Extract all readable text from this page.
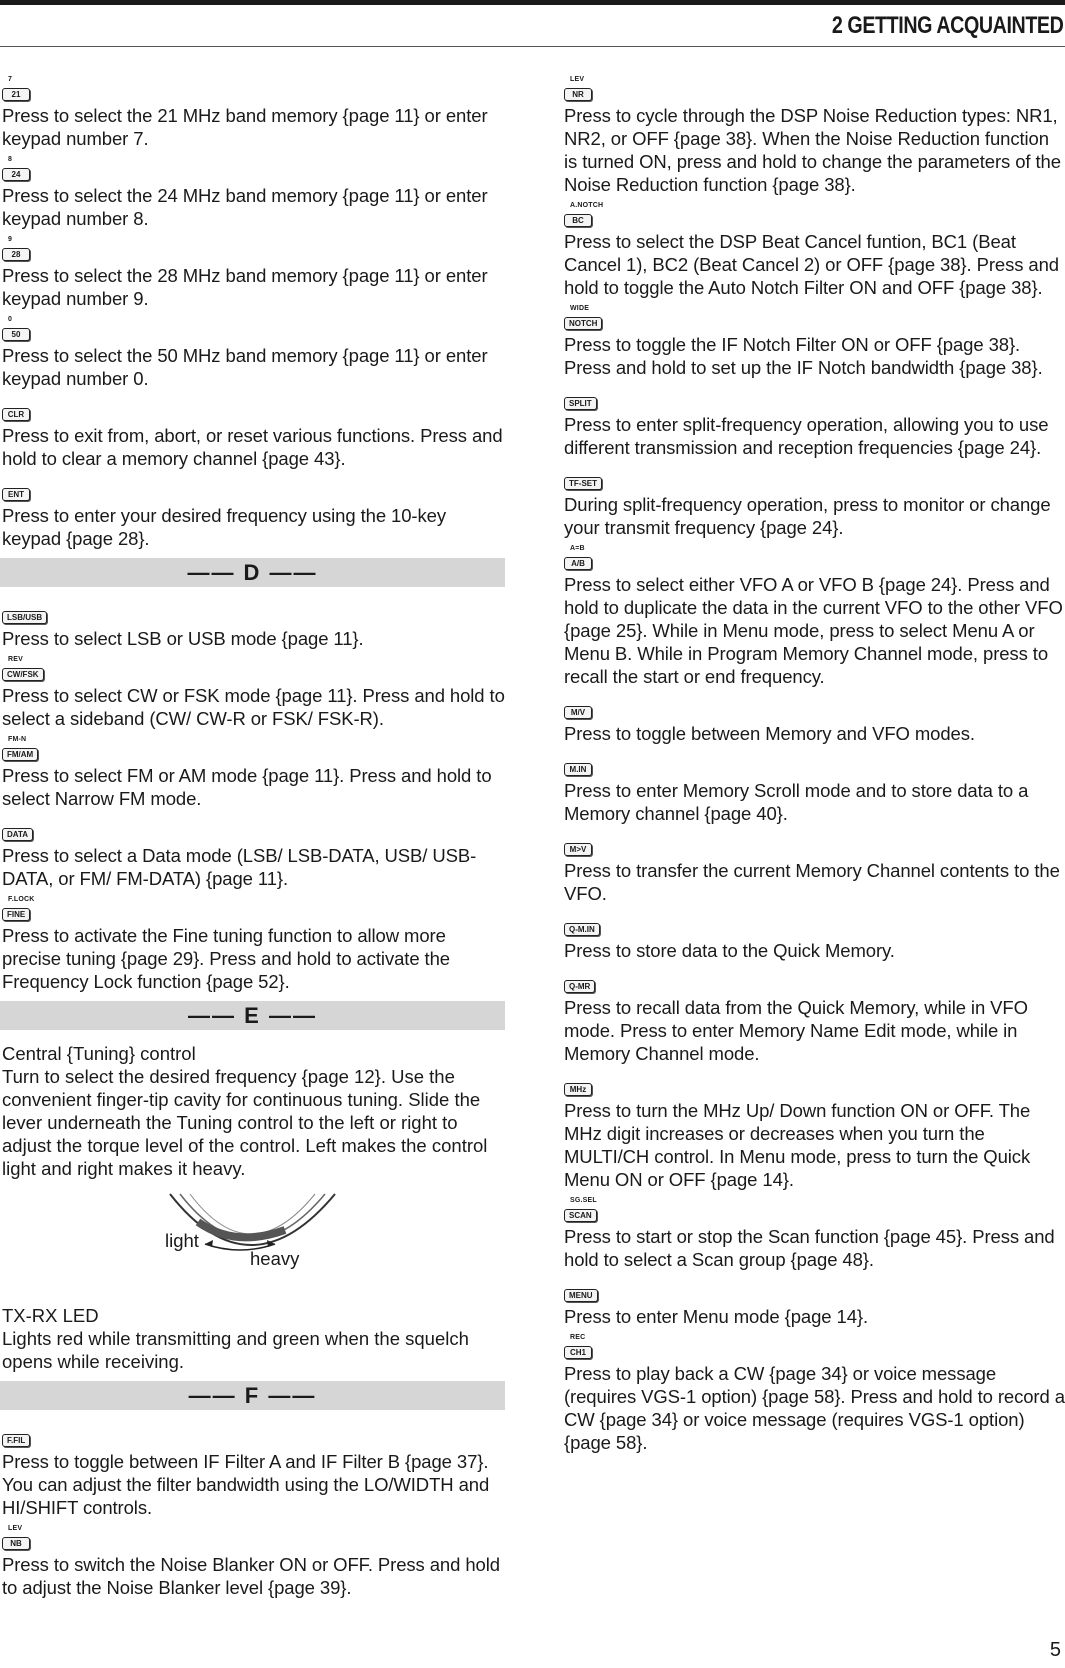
2 GETTING ACQUAINTED
7
21
Press to select the 21 MHz band memory {page 11} or enter keypad number 7.
8
24
Press to select the 24 MHz band memory {page 11} or enter keypad number 8.
9
28
Press to select the 28 MHz band memory {page 11} or enter keypad number 9.
0
50
Press to select the 50 MHz band memory {page 11} or enter keypad number 0.
CLR
Press to exit from, abort, or reset various functions. Press and hold to clear a memory channel {page 43}.
ENT
Press to enter your desired frequency using the 10-key keypad {page 28}.
—— D ——
LSB/USB
Press to select LSB or USB mode {page 11}.
REV
CW/FSK
Press to select CW or FSK mode {page 11}. Press and hold to select a sideband (CW/ CW-R or FSK/ FSK-R).
FM-N
FM/AM
Press to select FM or AM mode {page 11}. Press and hold to select Narrow FM mode.
DATA
Press to select a Data mode (LSB/ LSB-DATA, USB/ USB-DATA, or FM/ FM-DATA) {page 11}.
F.LOCK
FINE
Press to activate the Fine tuning function to allow more precise tuning {page 29}. Press and hold to activate the Frequency Lock function {page 52}.
—— E ——
Central {Tuning} control
Turn to select the desired frequency {page 12}. Use the convenient finger-tip cavity for continuous tuning. Slide the lever underneath the Tuning control to the left or right to adjust the torque level of the control. Left makes the control light and right makes it heavy.
light
heavy
TX-RX LED
Lights red while transmitting and green when the squelch opens while receiving.
—— F ——
F.FIL
Press to toggle between IF Filter A and IF Filter B {page 37}. You can adjust the filter bandwidth using the LO/WIDTH and HI/SHIFT controls.
LEV
NB
Press to switch the Noise Blanker ON or OFF. Press and hold to adjust the Noise Blanker level {page 39}.
LEV
NR
Press to cycle through the DSP Noise Reduction types: NR1, NR2, or OFF {page 38}. When the Noise Reduction function is turned ON, press and hold to change the parameters of the Noise Reduction function {page 38}.
A.NOTCH
BC
Press to select the DSP Beat Cancel funtion, BC1 (Beat Cancel 1), BC2 (Beat Cancel 2) or OFF {page 38}. Press and hold to toggle the Auto Notch Filter ON and OFF {page 38}.
WIDE
NOTCH
Press to toggle the IF Notch Filter ON or OFF {page 38}. Press and hold to set up the IF Notch bandwidth {page 38}.
SPLIT
Press to enter split-frequency operation, allowing you to use different transmission and reception frequencies {page 24}.
TF-SET
During split-frequency operation, press to monitor or change your transmit frequency {page 24}.
A=B
A/B
Press to select either VFO A or VFO B {page 24}. Press and hold to duplicate the data in the current VFO to the other VFO {page 25}. While in Menu mode, press to select Menu A or Menu B. While in Program Memory Channel mode, press to recall the start or end frequency.
M/V
Press to toggle between Memory and VFO modes.
M.IN
Press to enter Memory Scroll mode and to store data to a Memory channel {page 40}.
M>V
Press to transfer the current Memory Channel contents to the VFO.
Q-M.IN
Press to store data to the Quick Memory.
Q-MR
Press to recall data from the Quick Memory, while in VFO mode. Press to enter Memory Name Edit mode, while in Memory Channel mode.
MHz
Press to turn the MHz Up/ Down function ON or OFF. The MHz digit increases or decreases when you turn the MULTI/CH control. In Menu mode, press to turn the Quick Menu ON or OFF {page 14}.
SG.SEL
SCAN
Press to start or stop the Scan function {page 45}. Press and hold to select a Scan group {page 48}.
MENU
Press to enter Menu mode {page 14}.
REC
CH1
Press to play back a CW {page 34} or voice message (requires VGS-1 option) {page 58}. Press and hold to record a CW {page 34} or voice message (requires VGS-1 option) {page 58}.
5
